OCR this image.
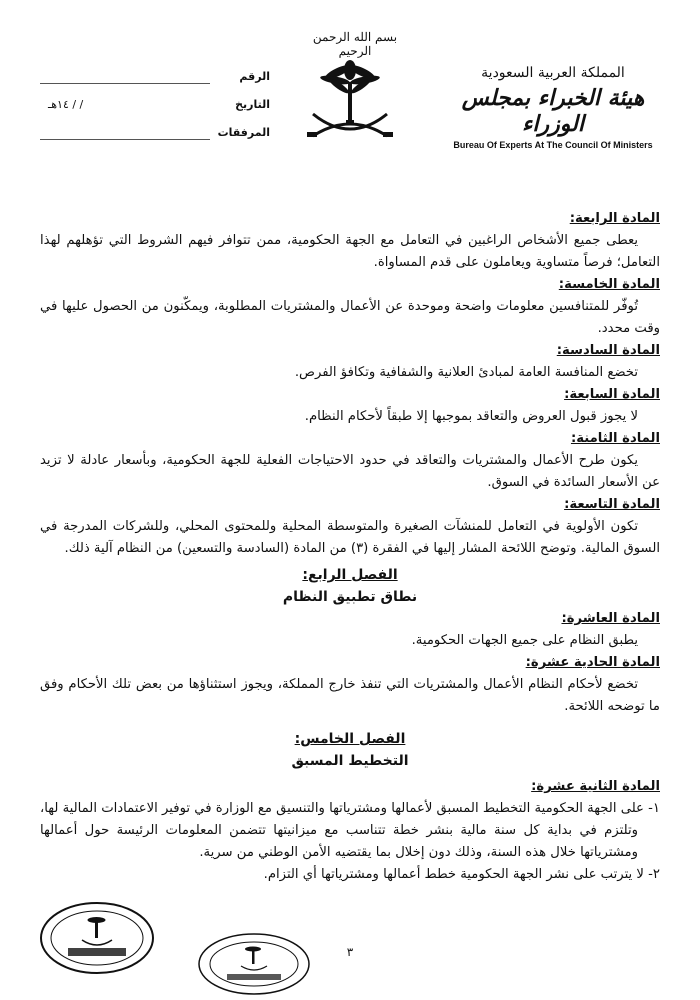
بسم الله الرحمن الرحيم
المملكة العربية السعودية
هيئة الخبراء بمجلس الوزراء
Bureau Of Experts At The Council Of Ministers
الرقم
التاريخ
/ / ١٤هـ
المرفقات
المادة الرابعة:
يعطى جميع الأشخاص الراغبين في التعامل مع الجهة الحكومية، ممن تتوافر فيهم الشروط التي تؤهلهم لهذا التعامل؛ فرصاً متساوية ويعاملون على قدم المساواة.
المادة الخامسة:
تُوفّر للمتنافسين معلومات واضحة وموحدة عن الأعمال والمشتريات المطلوبة، ويمكّنون من الحصول عليها في وقت محدد.
المادة السادسة:
تخضع المنافسة العامة لمبادئ العلانية والشفافية وتكافؤ الفرص.
المادة السابعة:
لا يجوز قبول العروض والتعاقد بموجبها إلا طبقاً لأحكام النظام.
المادة الثامنة:
يكون طرح الأعمال والمشتريات والتعاقد في حدود الاحتياجات الفعلية للجهة الحكومية، وبأسعار عادلة لا تزيد عن الأسعار السائدة في السوق.
المادة التاسعة:
تكون الأولوية في التعامل للمنشآت الصغيرة والمتوسطة المحلية وللمحتوى المحلي، وللشركات المدرجة في السوق المالية. وتوضح اللائحة المشار إليها في الفقرة (٣) من المادة (السادسة والتسعين) من النظام آلية ذلك.
الفصل الرابع:
نطاق تطبيق النظام
المادة العاشرة:
يطبق النظام على جميع الجهات الحكومية.
المادة الحادية عشرة:
تخضع لأحكام النظام الأعمال والمشتريات التي تنفذ خارج المملكة، ويجوز استثناؤها من بعض تلك الأحكام وفق ما توضحه اللائحة.
الفصل الخامس:
التخطيط المسبق
المادة الثانية عشرة:
١- على الجهة الحكومية التخطيط المسبق لأعمالها ومشترياتها والتنسيق مع الوزارة في توفير الاعتمادات المالية لها، وتلتزم في بداية كل سنة مالية بنشر خطة تتناسب مع ميزانيتها تتضمن المعلومات الرئيسة حول أعمالها ومشترياتها خلال هذه السنة، وذلك دون إخلال بما يقتضيه الأمن الوطني من سرية.
٢- لا يترتب على نشر الجهة الحكومية خطط أعمالها ومشترياتها أي التزام.
٣
